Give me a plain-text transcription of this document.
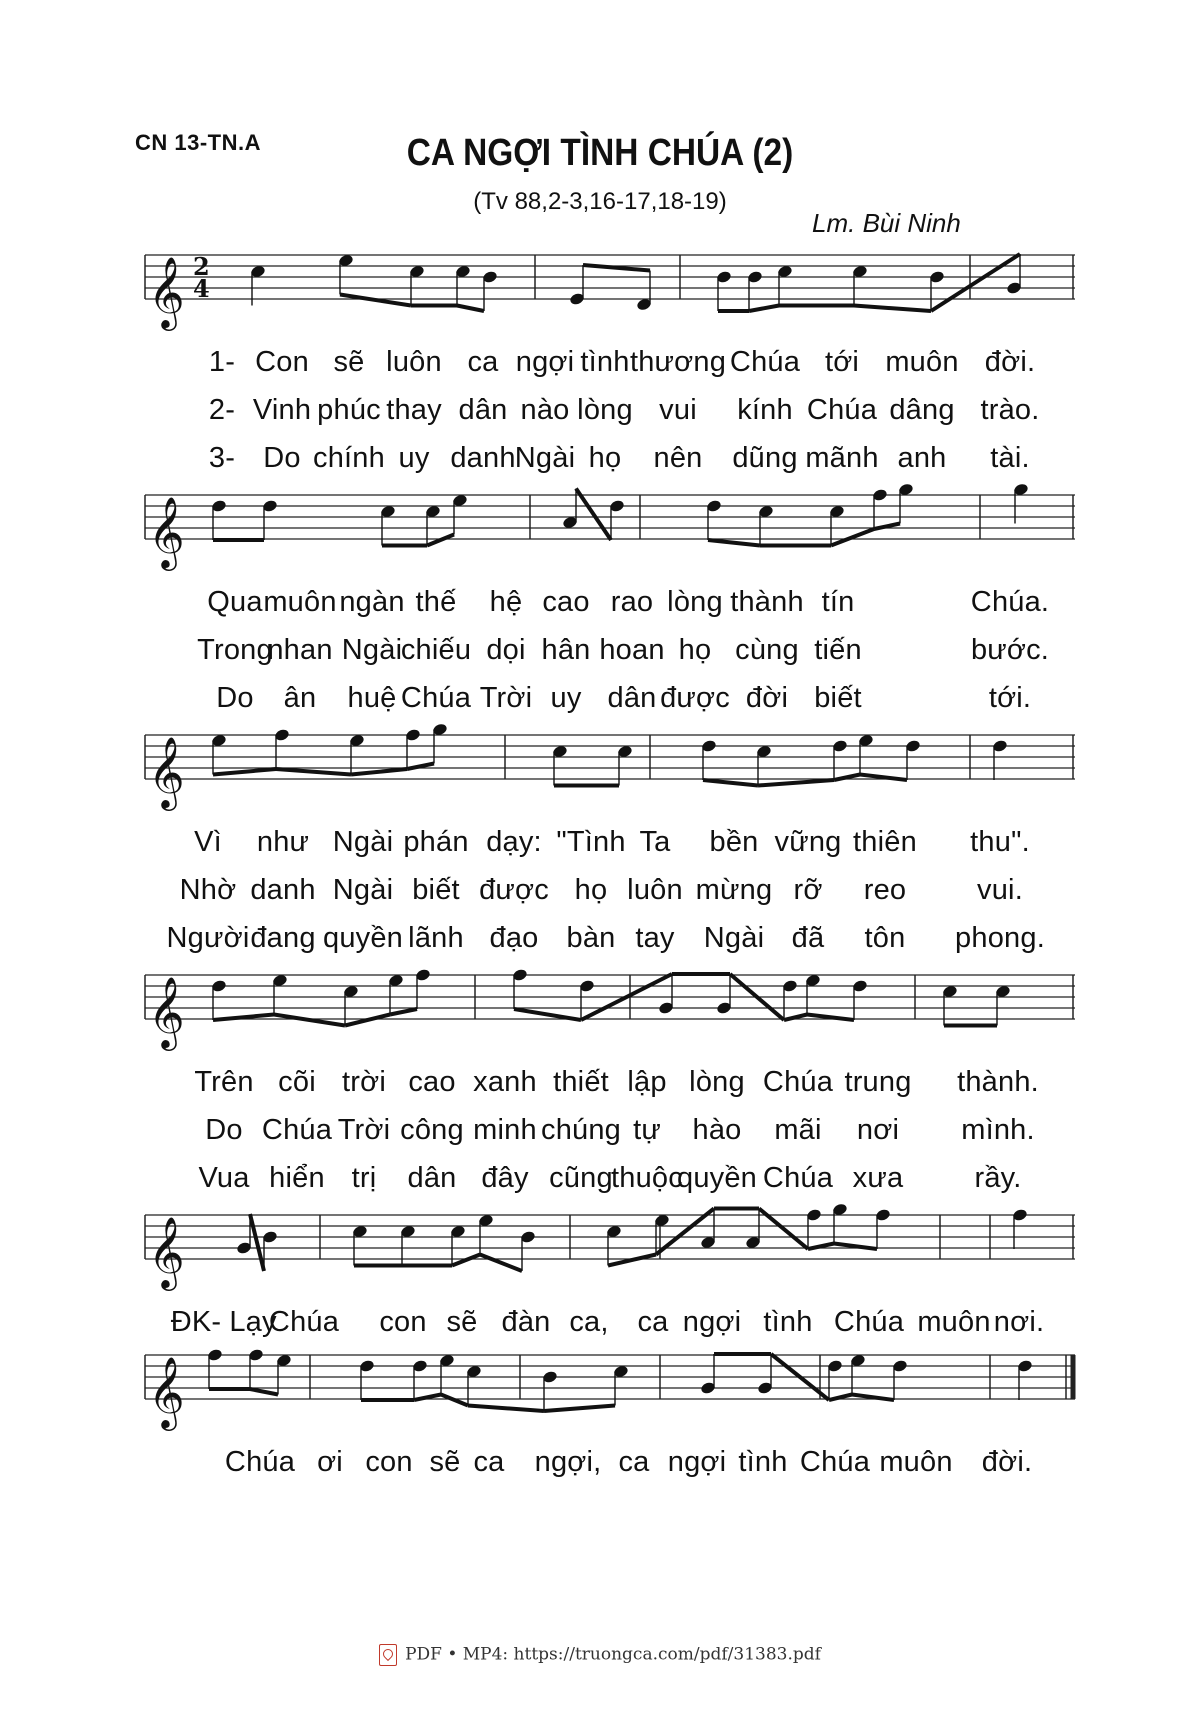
CN 13-TN.A	CA NGỢI TÌNH CHÚA (2)
(Tv 88,2-3,16-17,18-19)
Lm. Bùi Ninh
𝄞 2
4
𝄞
𝄞
𝄞
𝄞
𝄞
1- Con sẽ luôn ca ngợi tình thương Chúa tới muôn đời.
2- Vinh phúc thay dân nào lòng vui kính Chúa dâng trào.
3- Do chính uy danh Ngài họ nên dũng mãnh anh tài.
Qua muôn ngàn thế hệ cao rao lòng thành tín	Chúa.
Trong
nhan Ngài
chiếu dọi hân hoan họ cùng tiến	bước.
Do ân huệ Chúa Trời uy dân được đời biết	tới.
Vì như Ngài phán dạy: "Tình Ta bền vững thiên thu".
Nhờ danh Ngài biết được họ luôn mừng rỡ reo vui.
Người đang quyền lãnh đạo bàn tay Ngài đã tôn phong.
Trên cõi trời cao xanh thiết lập lòng Chúa trung thành.
Do Chúa Trời công minh chúng tự hào mãi nơi mình.
Vua hiển trị dân đây cũng
thuộc
quyền Chúa xưa rầy.
ĐK- Lạy
Chúa con sẽ đàn ca, ca ngợi tình Chúa muôn nơi.
Chúa ơi con sẽ ca ngợi, ca ngợi tình Chúa muôn đời.
PDF • MP4: https://truongca.com/pdf/31383.pdf
